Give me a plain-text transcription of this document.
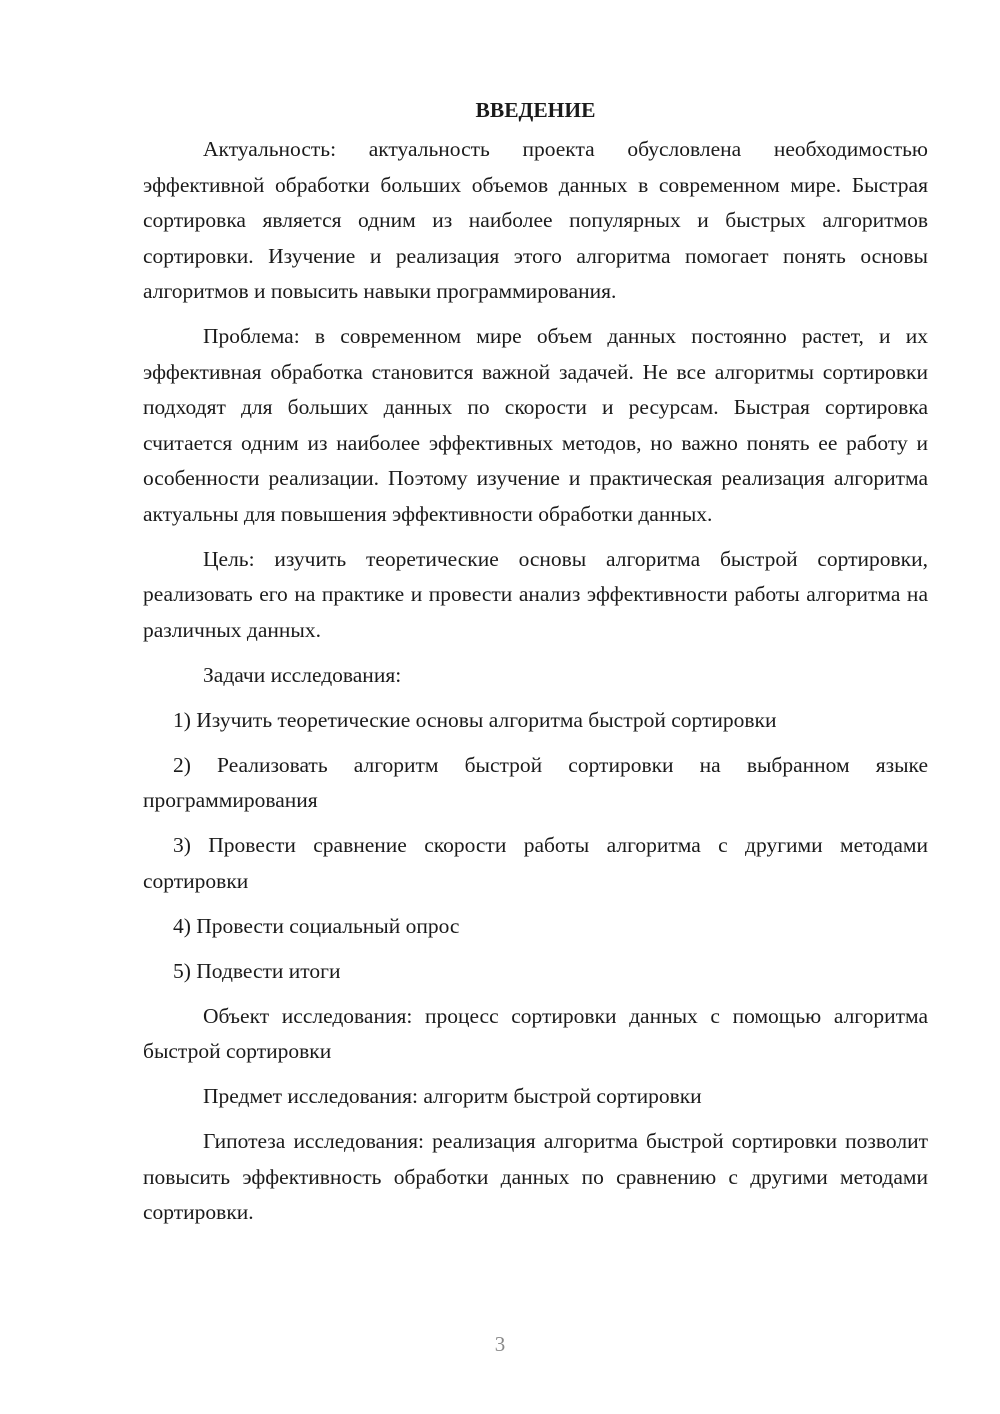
ВВЕДЕНИЕ
Актуальность: актуальность проекта обусловлена необходимостью эффективной обработки больших объемов данных в современном мире. Быстрая сортировка является одним из наиболее популярных и быстрых алгоритмов сортировки. Изучение и реализация этого алгоритма помогает понять основы алгоритмов и повысить навыки программирования.
Проблема: в современном мире объем данных постоянно растет, и их эффективная обработка становится важной задачей. Не все алгоритмы сортировки подходят для больших данных по скорости и ресурсам. Быстрая сортировка считается одним из наиболее эффективных методов, но важно понять ее работу и особенности реализации. Поэтому изучение и практическая реализация алгоритма актуальны для повышения эффективности обработки данных.
Цель: изучить теоретические основы алгоритма быстрой сортировки, реализовать его на практике и провести анализ эффективности работы алгоритма на различных данных.
Задачи исследования:
1) Изучить теоретические основы алгоритма быстрой сортировки
2) Реализовать алгоритм быстрой сортировки на выбранном языке программирования
3) Провести сравнение скорости работы алгоритма с другими методами сортировки
4) Провести социальный опрос
5) Подвести итоги
Объект исследования: процесс сортировки данных с помощью алгоритма быстрой сортировки
Предмет исследования: алгоритм быстрой сортировки
Гипотеза исследования: реализация алгоритма быстрой сортировки позволит повысить эффективность обработки данных по сравнению с другими методами сортировки.
3
